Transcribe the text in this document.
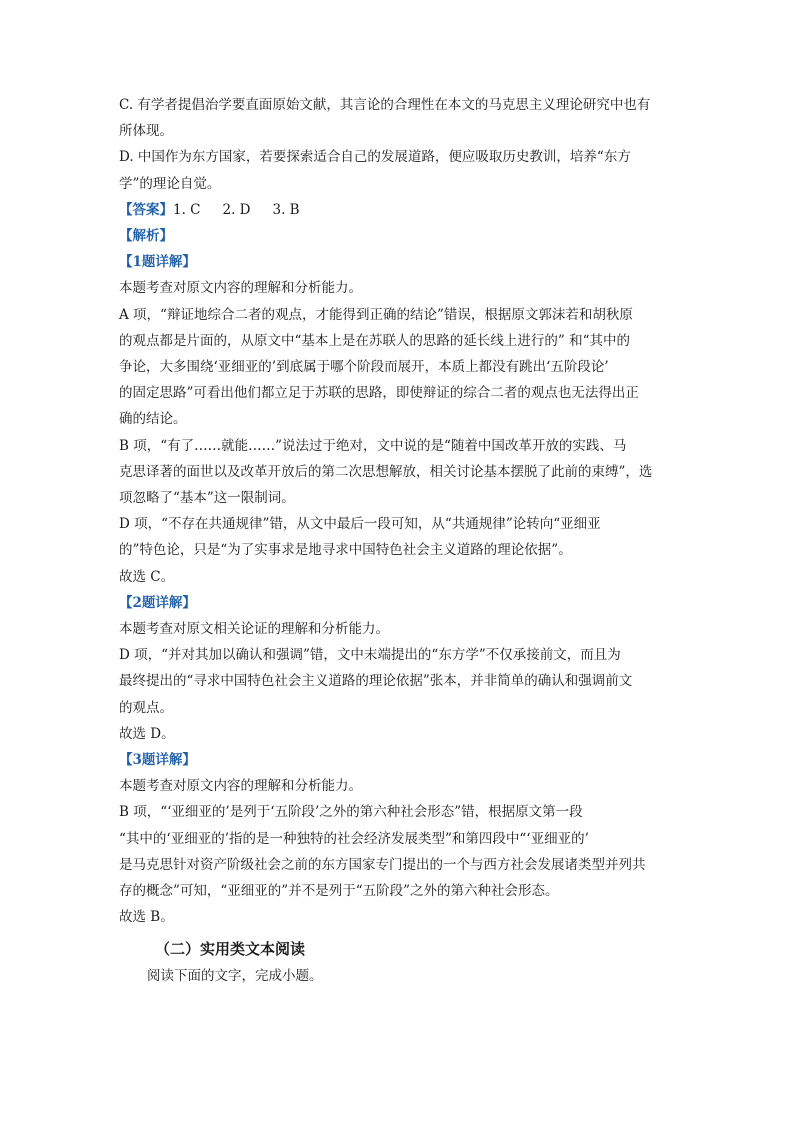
C. 有学者提倡治学要直面原始文献，其言论的合理性在本文的马克思主义理论研究中也有

所体现。

D. 中国作为东方国家，若要探索适合自己的发展道路，便应吸取历史教训，培养“东方

学”的理论自觉。

【答案】1. C 2. D 3. B

【解析】

【1题详解】

本题考查对原文内容的理解和分析能力。

A 项，“辩证地综合二者的观点，才能得到正确的结论”错误，根据原文郭沫若和胡秋原

的观点都是片面的，从原文中“基本上是在苏联人的思路的延长线上进行的” 和“其中的

争论，大多围绕‘亚细亚的’到底属于哪个阶段而展开，本质上都没有跳出‘五阶段论’

的固定思路”可看出他们都立足于苏联的思路，即使辩证的综合二者的观点也无法得出正

确的结论。

B 项，“有了……就能……”说法过于绝对，文中说的是“随着中国改革开放的实践、马

克思译著的面世以及改革开放后的第二次思想解放，相关讨论基本摆脱了此前的束缚”，选

项忽略了“基本”这一限制词。

D 项，“不存在共通规律”错，从文中最后一段可知，从“共通规律”论转向“亚细亚

的”特色论，只是“为了实事求是地寻求中国特色社会主义道路的理论依据”。

故选 C。

【2题详解】

本题考查对原文相关论证的理解和分析能力。

D 项，“并对其加以确认和强调”错，文中末端提出的“东方学”不仅承接前文，而且为

最终提出的“寻求中国特色社会主义道路的理论依据”张本，并非简单的确认和强调前文

的观点。

故选 D。

【3题详解】

本题考查对原文内容的理解和分析能力。

B 项，“‘亚细亚的’是列于‘五阶段’之外的第六种社会形态”错，根据原文第一段

“其中的‘亚细亚的’指的是一种独特的社会经济发展类型”和第四段中“‘亚细亚的’

是马克思针对资产阶级社会之前的东方国家专门提出的一个与西方社会发展诸类型并列共

存的概念”可知，“亚细亚的”并不是列于“五阶段”之外的第六种社会形态。

故选 B。

（二）实用类文本阅读

阅读下面的文字，完成小题。
